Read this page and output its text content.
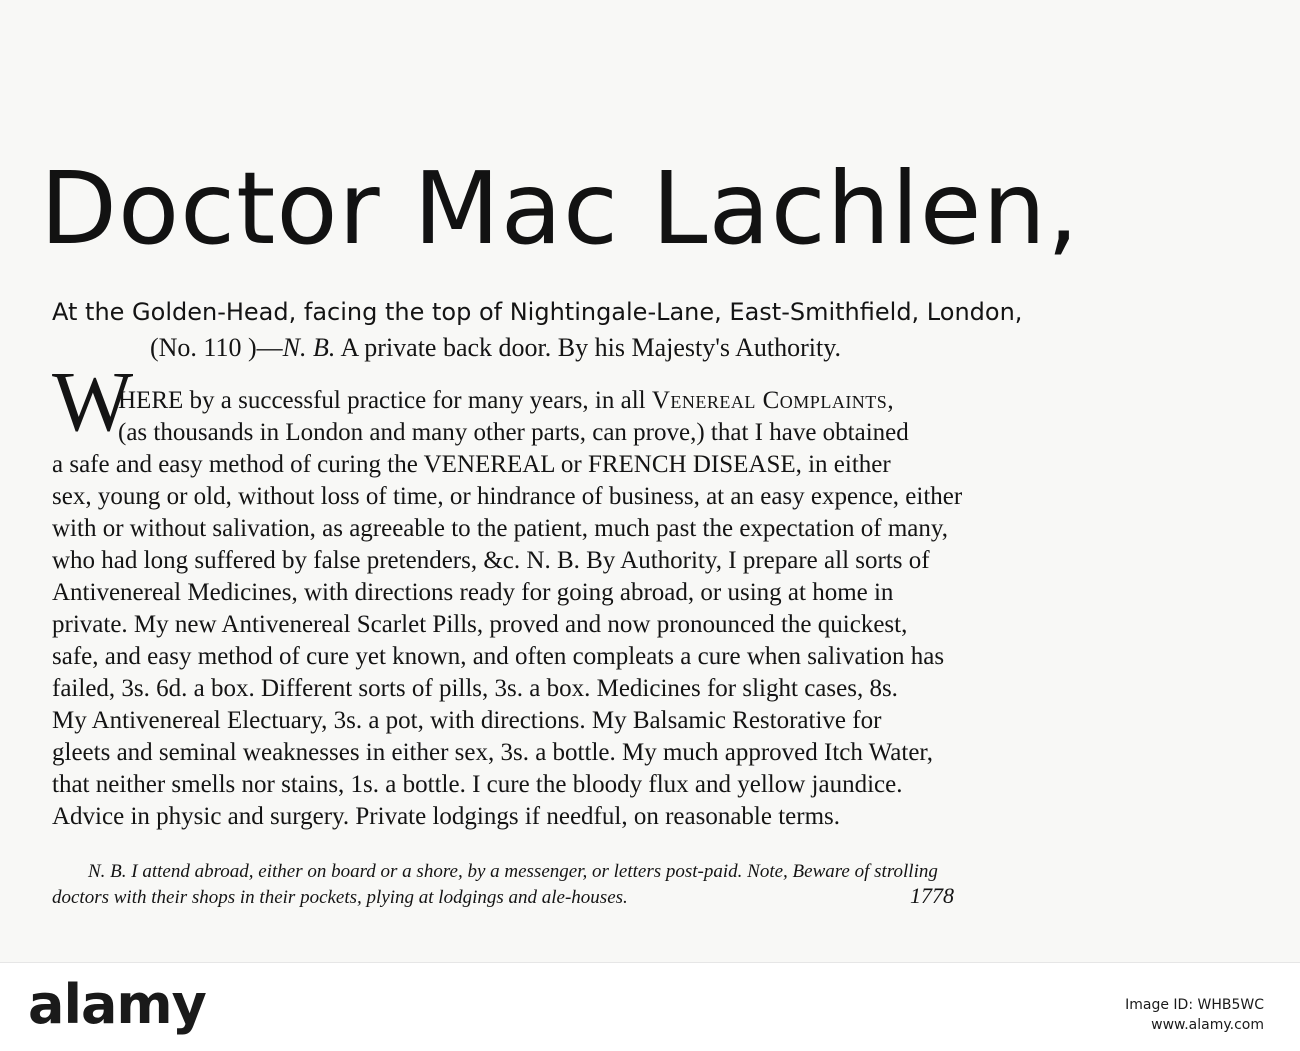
Doctor Mac Lachlen,
At the Golden-Head, facing the top of Nightingale-Lane, East-Smithfield, London,
(No. 110 )—N. B. A private back door. By his Majesty's Authority.
W
HERE by a successful practice for many years, in all Venereal Complaints,
(as thousands in London and many other parts, can prove,) that I have obtained
a safe and easy method of curing the VENEREAL or FRENCH DISEASE, in either
sex, young or old, without loss of time, or hindrance of business, at an easy expence, either
with or without salivation, as agreeable to the patient, much past the expectation of many,
who had long suffered by false pretenders, &c. N. B. By Authority, I prepare all sorts of
Antivenereal Medicines, with directions ready for going abroad, or using at home in
private. My new Antivenereal Scarlet Pills, proved and now pronounced the quickest,
safe, and easy method of cure yet known, and often compleats a cure when salivation has
failed, 3s. 6d. a box. Different sorts of pills, 3s. a box. Medicines for slight cases, 8s.
My Antivenereal Electuary, 3s. a pot, with directions. My Balsamic Restorative for
gleets and seminal weaknesses in either sex, 3s. a bottle. My much approved Itch Water,
that neither smells nor stains, 1s. a bottle. I cure the bloody flux and yellow jaundice.
Advice in physic and surgery. Private lodgings if needful, on reasonable terms.
N. B. I attend abroad, either on board or a shore, by a messenger, or letters post-paid. Note, Beware of strolling
doctors with their shops in their pockets, plying at lodgings and ale-houses.	1778
alamy	Image ID: WHB5WC
www.alamy.com
